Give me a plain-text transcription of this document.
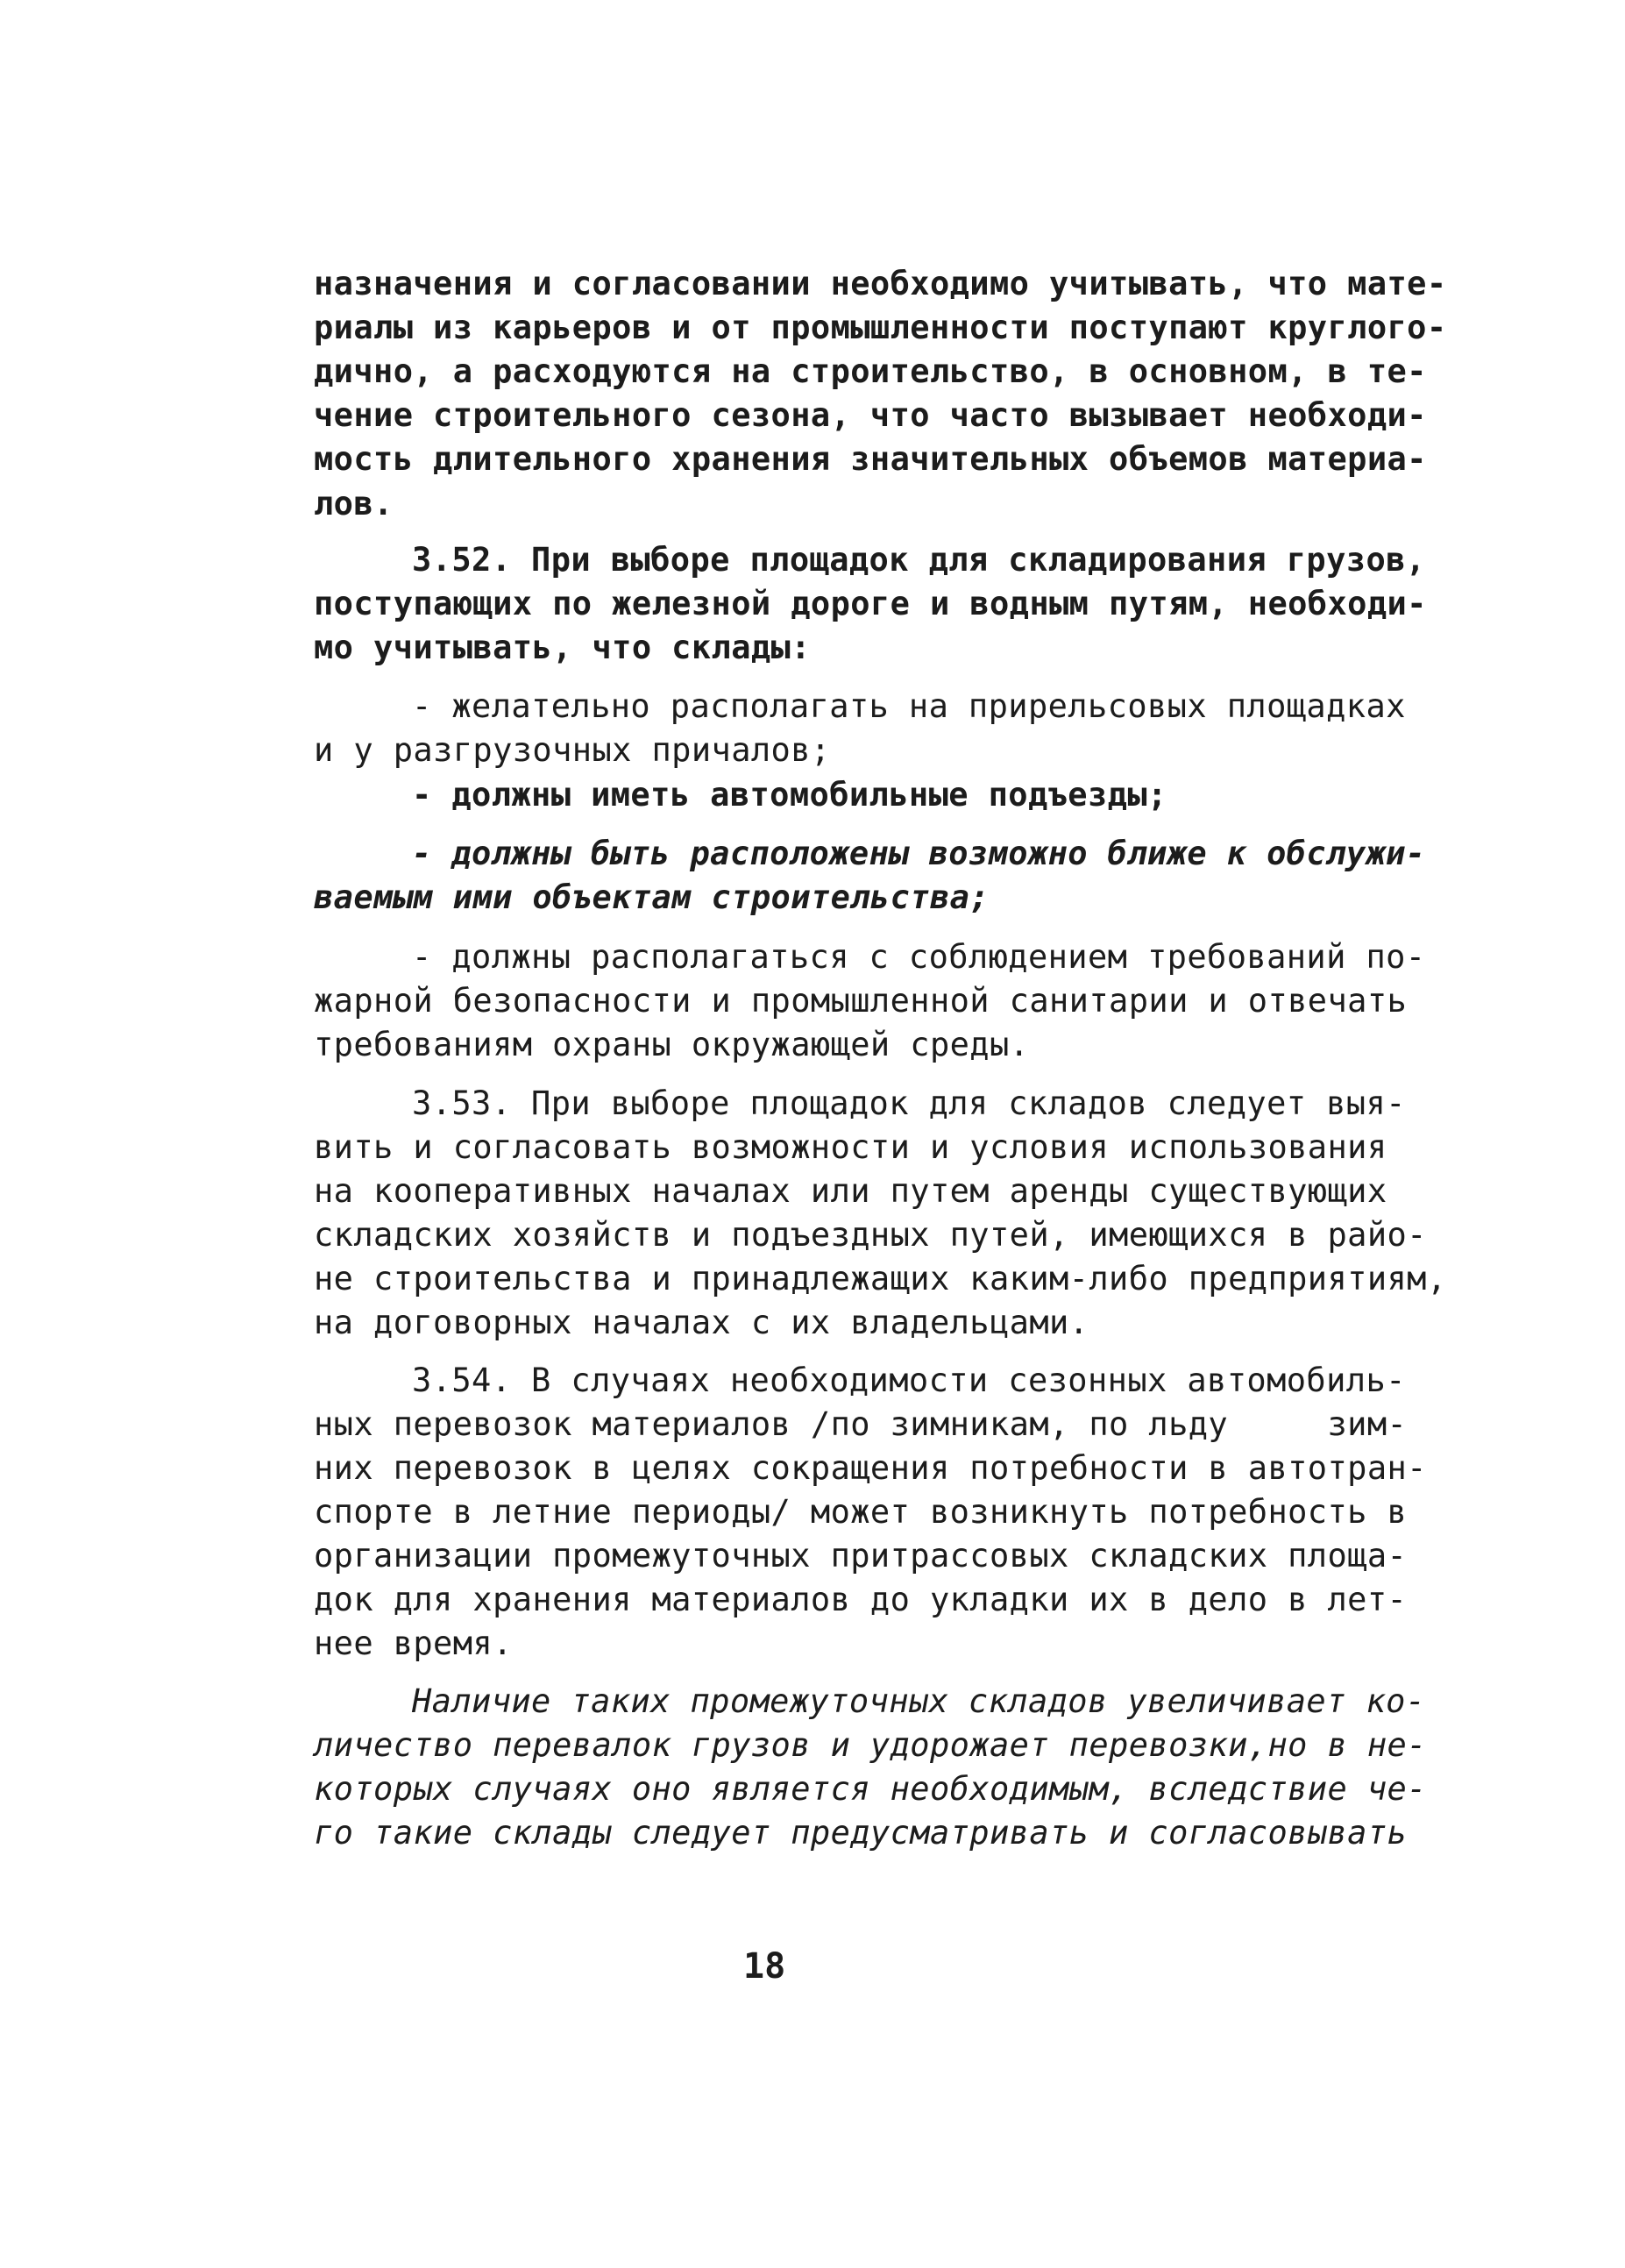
назначения и согласовании необходимо учитывать, что мате-
риалы из карьеров и от промышленности поступают круглого-
дично, а расходуются на строительство, в основном, в те-
чение строительного сезона, что часто вызывает необходи-
мость длительного хранения значительных объемов материа-
лов.
3.52. При выборе площадок для складирования грузов,
поступающих по железной дороге и водным путям, необходи-
мо учитывать, что склады:
- желательно располагать на прирельсовых площадках
и у разгрузочных причалов;
- должны иметь автомобильные подъезды;
- должны быть расположены возможно ближе к обслужи-
ваемым ими объектам строительства;
- должны располагаться с соблюдением требований по-
жарной безопасности и промышленной санитарии и отвечать
требованиям охраны окружающей среды.
3.53. При выборе площадок для складов следует выя-
вить и согласовать возможности и условия использования
на кооперативных началах или путем аренды существующих
складских хозяйств и подъездных путей, имеющихся в райо-
не строительства и принадлежащих каким-либо предприятиям,
на договорных началах с их владельцами.
3.54. В случаях необходимости сезонных автомобиль-
ных перевозок материалов /по зимникам, по льду     зим-
них перевозок в целях сокращения потребности в автотран-
спорте в летние периоды/ может возникнуть потребность в
организации промежуточных притрассовых складских площа-
док для хранения материалов до укладки их в дело в лет-
нее время.
Наличие таких промежуточных складов увеличивает ко-
личество перевалок грузов и удорожает перевозки,но в не-
которых случаях оно является необходимым, вследствие че-
го такие склады следует предусматривать и согласовывать
18
